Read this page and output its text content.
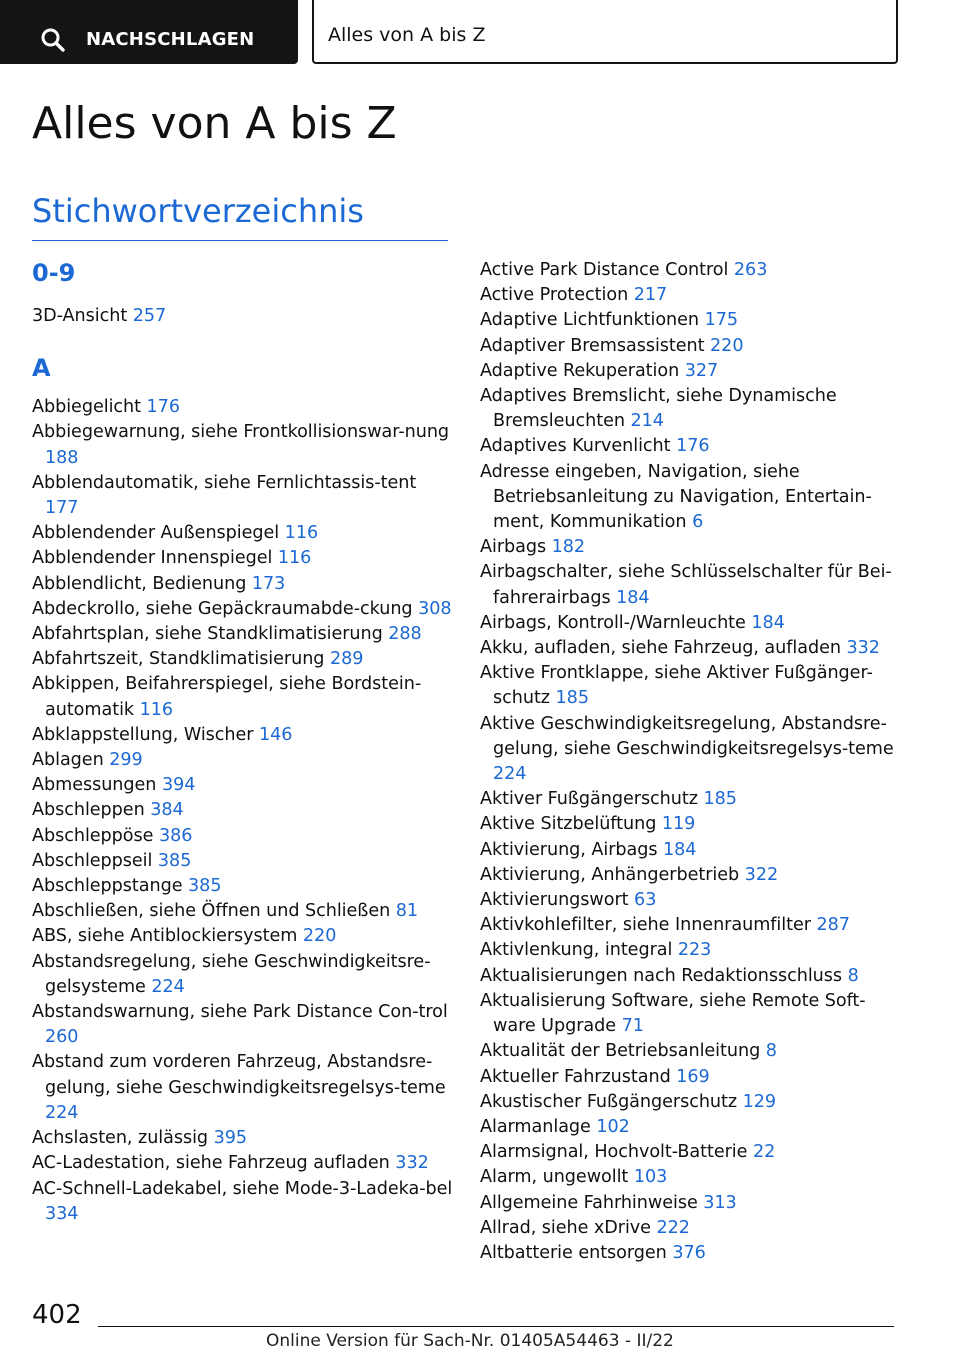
NACHSCHLAGEN	Alles von A bis Z
Alles von A bis Z
Stichwortverzeichnis
0-9
3D-Ansicht 257
A
Abbiegelicht 176
Abbiegewarnung, siehe Frontkollisionswar-nung 188
Abblendautomatik, siehe Fernlichtassis-tent 177
Abblendender Außenspiegel 116
Abblendender Innenspiegel 116
Abblendlicht, Bedienung 173
Abdeckrollo, siehe Gepäckraumabde-ckung 308
Abfahrtsplan, siehe Standklimatisierung 288
Abfahrtszeit, Standklimatisierung 289
Abkippen, Beifahrerspiegel, siehe Bordstein-automatik 116
Abklappstellung, Wischer 146
Ablagen 299
Abmessungen 394
Abschleppen 384
Abschleppöse 386
Abschleppseil 385
Abschleppstange 385
Abschließen, siehe Öffnen und Schließen 81
ABS, siehe Antiblockiersystem 220
Abstandsregelung, siehe Geschwindigkeitsre-gelsysteme 224
Abstandswarnung, siehe Park Distance Con-trol 260
Abstand zum vorderen Fahrzeug, Abstandsre-gelung, siehe Geschwindigkeitsregelsys-teme 224
Achslasten, zulässig 395
AC-Ladestation, siehe Fahrzeug aufladen 332
AC-Schnell-Ladekabel, siehe Mode-3-Ladeka-bel 334
Active Park Distance Control 263
Active Protection 217
Adaptive Lichtfunktionen 175
Adaptiver Bremsassistent 220
Adaptive Rekuperation 327
Adaptives Bremslicht, siehe Dynamische Bremsleuchten 214
Adaptives Kurvenlicht 176
Adresse eingeben, Navigation, siehe Betriebsanleitung zu Navigation, Entertain-ment, Kommunikation 6
Airbags 182
Airbagschalter, siehe Schlüsselschalter für Bei-fahrerairbags 184
Airbags, Kontroll-/Warnleuchte 184
Akku, aufladen, siehe Fahrzeug, aufladen 332
Aktive Frontklappe, siehe Aktiver Fußgänger-schutz 185
Aktive Geschwindigkeitsregelung, Abstandsre-gelung, siehe Geschwindigkeitsregelsys-teme 224
Aktiver Fußgängerschutz 185
Aktive Sitzbelüftung 119
Aktivierung, Airbags 184
Aktivierung, Anhängerbetrieb 322
Aktivierungswort 63
Aktivkohlefilter, siehe Innenraumfilter 287
Aktivlenkung, integral 223
Aktualisierungen nach Redaktionsschluss 8
Aktualisierung Software, siehe Remote Soft-ware Upgrade 71
Aktualität der Betriebsanleitung 8
Aktueller Fahrzustand 169
Akustischer Fußgängerschutz 129
Alarmanlage 102
Alarmsignal, Hochvolt-Batterie 22
Alarm, ungewollt 103
Allgemeine Fahrhinweise 313
Allrad, siehe xDrive 222
Altbatterie entsorgen 376
402
Online Version für Sach-Nr. 01405A54463 - II/22
